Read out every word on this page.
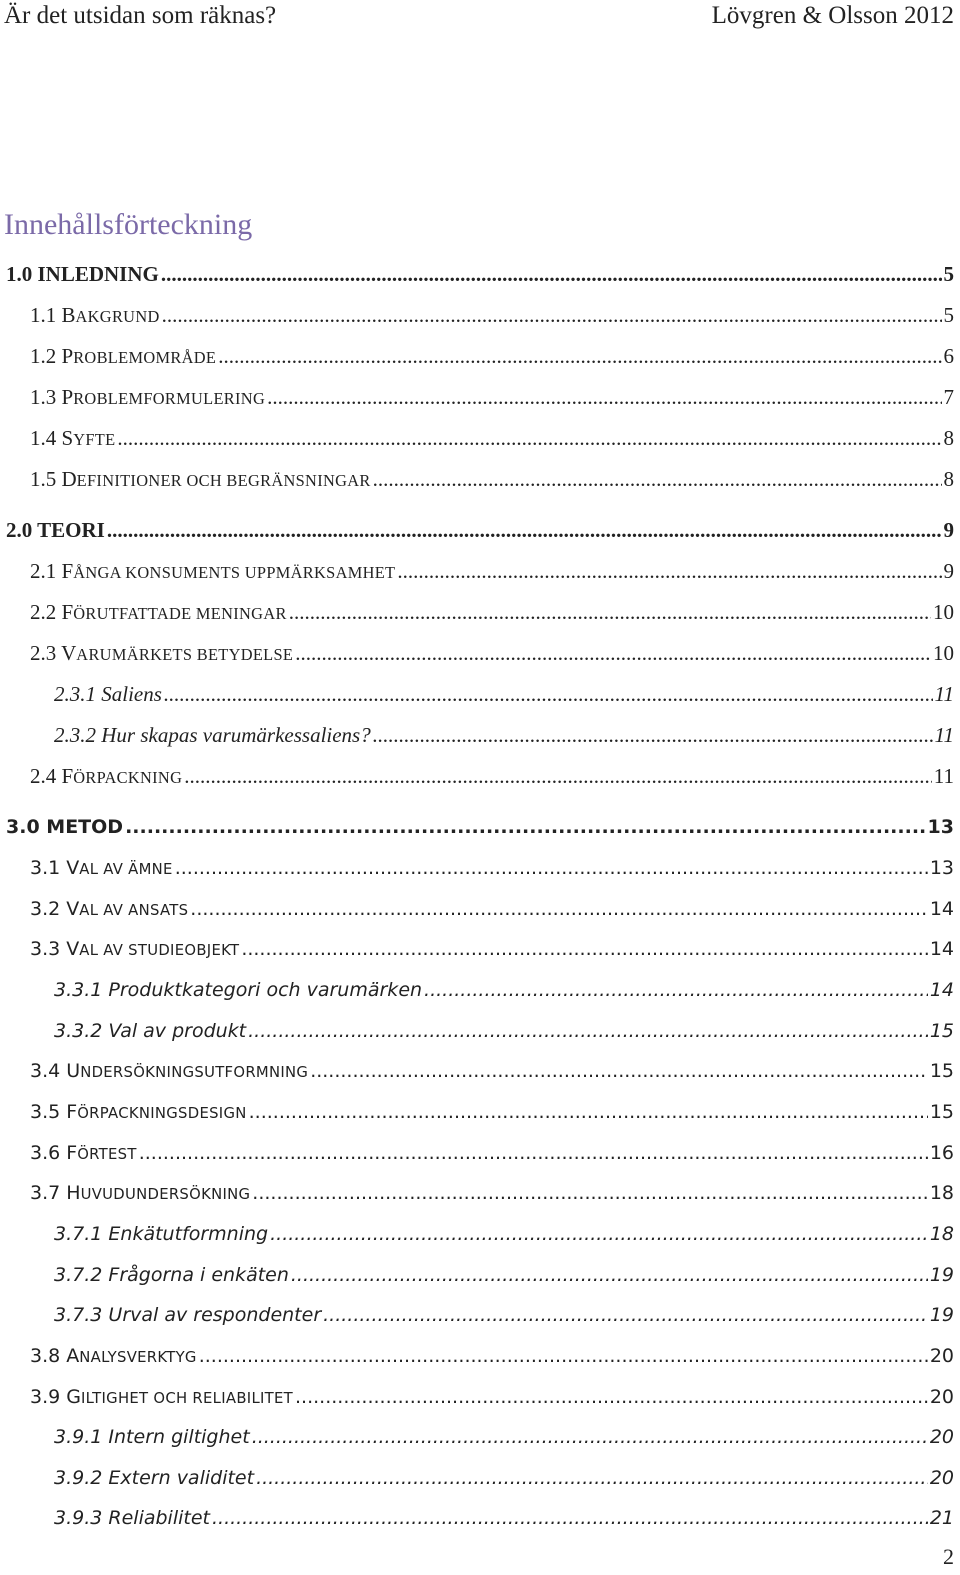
Är det utsidan som räknas?	Lövgren & Olsson 2012
Innehållsförteckning
1.0 INLEDNING .....	5
1.1 BAKGRUND .....	5
1.2 PROBLEMOMRÅDE .....	6
1.3 PROBLEMFORMULERING .....	7
1.4 SYFTE .....	8
1.5 DEFINITIONER OCH BEGRÄNSNINGAR .....	8
2.0 TEORI .....	9
2.1 FÅNGA KONSUMENTS UPPMÄRKSAMHET .....	9
2.2 FÖRUTFATTADE MENINGAR .....	10
2.3 VARUMÄRKETS BETYDELSE .....	10
2.3.1 Saliens .....	11
2.3.2 Hur skapas varumärkessaliens? .....	11
2.4 FÖRPACKNING .....	11
3.0 METOD .....	13
3.1 VAL AV ÄMNE .....	13
3.2 VAL AV ANSATS .....	14
3.3 VAL AV STUDIEOBJEKT .....	14
3.3.1 Produktkategori och varumärken .....	14
3.3.2 Val av produkt .....	15
3.4 UNDERSÖKNINGSUTFORMNING .....	15
3.5 FÖRPACKNINGSDESIGN .....	15
3.6 FÖRTEST .....	16
3.7 HUVUDUNDERSÖKNING .....	18
3.7.1 Enkätutformning .....	18
3.7.2 Frågorna i enkäten .....	19
3.7.3 Urval av respondenter .....	19
3.8 ANALYSVERKTYG .....	20
3.9 GILTIGHET OCH RELIABILITET .....	20
3.9.1 Intern giltighet .....	20
3.9.2 Extern validitet .....	20
3.9.3 Reliabilitet .....	21
2
